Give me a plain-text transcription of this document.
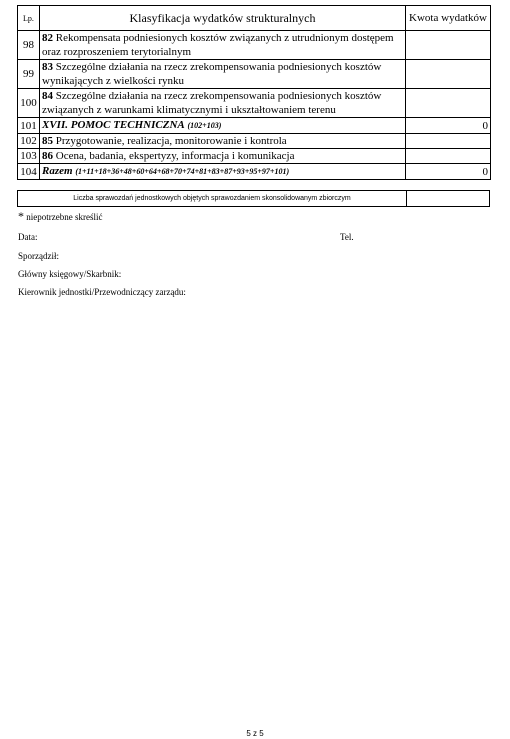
Lp.	Klasyfikacja wydatków strukturalnych	Kwota wydatków
98	82 Rekompensata podniesionych kosztów związanych z utrudnionym dostępem oraz rozproszeniem terytorialnym	
99	83 Szczególne działania na rzecz zrekompensowania podniesionych kosztów wynikających z wielkości rynku	
100	84 Szczególne działania na rzecz zrekompensowania podniesionych kosztów związanych z warunkami klimatycznymi i ukształtowaniem terenu	
101	XVII. POMOC TECHNICZNA (102+103)	0
102	85 Przygotowanie, realizacja, monitorowanie i kontrola	
103	86 Ocena, badania, ekspertyzy, informacja i komunikacja	
104	Razem (1+11+18+36+48+60+64+68+70+74+81+83+87+93+95+97+101)	0
Liczba sprawozdań jednostkowych objętych sprawozdaniem skonsolidowanym zbiorczym
* niepotrzebne skreślić
Data:	Tel.
Sporządził:
Główny księgowy/Skarbnik:
Kierownik jednostki/Przewodniczący zarządu:
5 z 5
